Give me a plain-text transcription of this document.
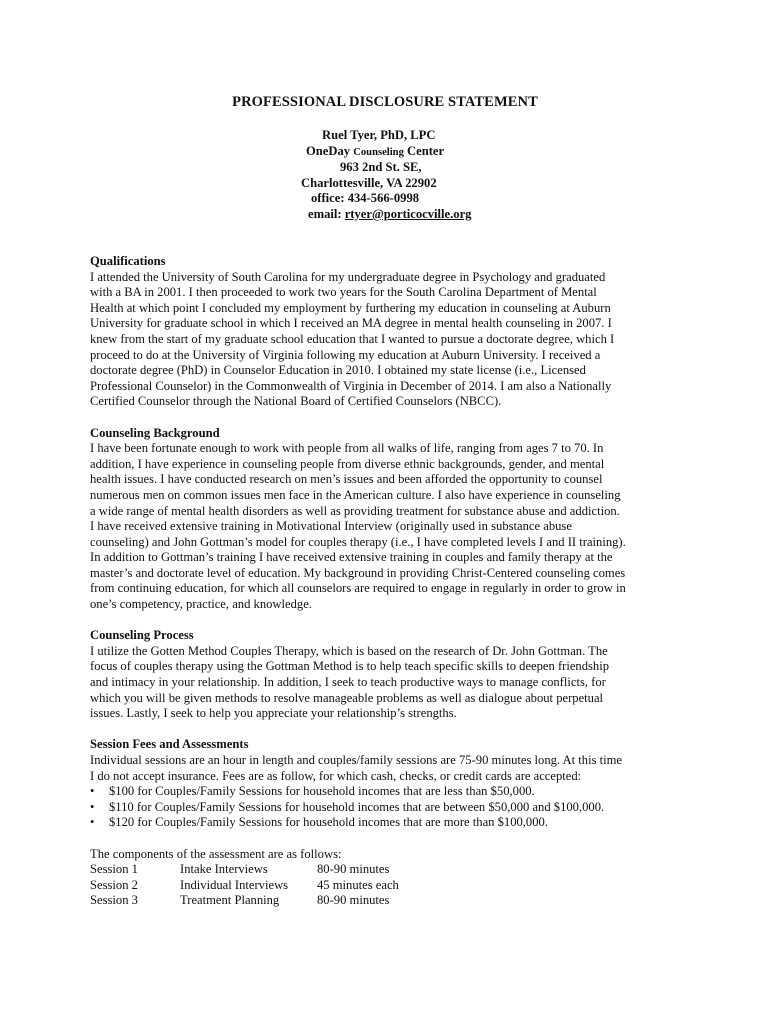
PROFESSIONAL DISCLOSURE STATEMENT
Ruel Tyer, PhD, LPC
OneDay Counseling Center
963 2nd St. SE,
Charlottesville, VA 22902
office: 434-566-0998
email: rtyer@porticocville.org
Qualifications
I attended the University of South Carolina for my undergraduate degree in Psychology and graduated
with a BA in 2001. I then proceeded to work two years for the South Carolina Department of Mental
Health at which point I concluded my employment by furthering my education in counseling at Auburn
University for graduate school in which I received an MA degree in mental health counseling in 2007. I
knew from the start of my graduate school education that I wanted to pursue a doctorate degree, which I
proceed to do at the University of Virginia following my education at Auburn University. I received a
doctorate degree (PhD) in Counselor Education in 2010. I obtained my state license (i.e., Licensed
Professional Counselor) in the Commonwealth of Virginia in December of 2014. I am also a Nationally
Certified Counselor through the National Board of Certified Counselors (NBCC).
Counseling Background
I have been fortunate enough to work with people from all walks of life, ranging from ages 7 to 70. In
addition, I have experience in counseling people from diverse ethnic backgrounds, gender, and mental
health issues. I have conducted research on men’s issues and been afforded the opportunity to counsel
numerous men on common issues men face in the American culture. I also have experience in counseling
a wide range of mental health disorders as well as providing treatment for substance abuse and addiction.
I have received extensive training in Motivational Interview (originally used in substance abuse
counseling) and John Gottman’s model for couples therapy (i.e., I have completed levels I and II training).
In addition to Gottman’s training I have received extensive training in couples and family therapy at the
master’s and doctorate level of education. My background in providing Christ-Centered counseling comes
from continuing education, for which all counselors are required to engage in regularly in order to grow in
one’s competency, practice, and knowledge.
Counseling Process
I utilize the Gotten Method Couples Therapy, which is based on the research of Dr. John Gottman. The
focus of couples therapy using the Gottman Method is to help teach specific skills to deepen friendship
and intimacy in your relationship. In addition, I seek to teach productive ways to manage conflicts, for
which you will be given methods to resolve manageable problems as well as dialogue about perpetual
issues. Lastly, I seek to help you appreciate your relationship’s strengths.
Session Fees and Assessments
Individual sessions are an hour in length and couples/family sessions are 75-90 minutes long. At this time
I do not accept insurance. Fees are as follow, for which cash, checks, or credit cards are accepted:
• $100 for Couples/Family Sessions for household incomes that are less than $50,000.
• $110 for Couples/Family Sessions for household incomes that are between $50,000 and $100,000.
• $120 for Couples/Family Sessions for household incomes that are more than $100,000.
The components of the assessment are as follows:
Session 1	Intake Interviews	80-90 minutes
Session 2	Individual Interviews	45 minutes each
Session 3	Treatment Planning	80-90 minutes
